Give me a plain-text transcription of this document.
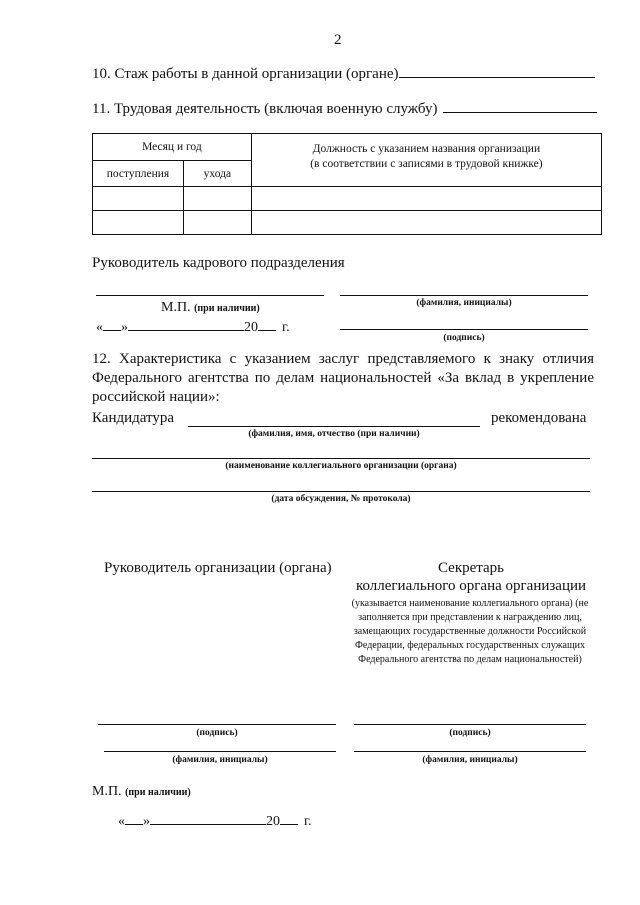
2
10. Стаж работы в данной организации (органе)
11. Трудовая деятельность (включая военную службу)
Месяц и год		Должность с указанием названия организации
(в соответствии с записями в трудовой книжке)

поступления	ухода	

Руководитель кадрового подразделения
М.П. (при наличии)	(фамилия, инициалы)
« »	20 г.
(подпись)
12. Характеристика с указанием заслуг представляемого к знаку отличия Федерального агентства по делам национальностей «За вклад в укрепление российской нации»:
Кандидатура	рекомендована
(фамилия, имя, отчество (при наличии)
(наименование коллегиального организации (органа)
(дата обсуждения, № протокола)
Руководитель организации (органа)	Секретарь
коллегиального органа организации
(указывается наименование коллегиального органа) (не заполняется при представлении к награждению лиц, замещающих государственные должности Российской Федерации, федеральных государственных служащих Федерального агентства по делам национальностей)
(подпись)	(подпись)
(фамилия, инициалы)	(фамилия, инициалы)
М.П. (при наличии)
« »	20 г.
